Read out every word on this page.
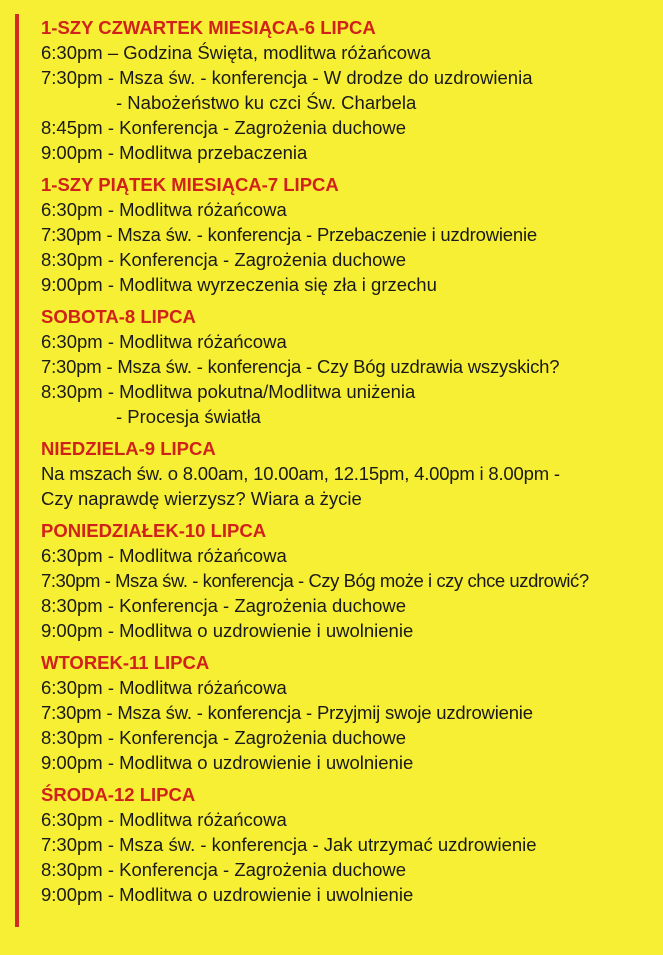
1-SZY CZWARTEK MIESIĄCA-6 LIPCA
6:30pm – Godzina Święta, modlitwa różańcowa
7:30pm - Msza św. - konferencja - W drodze do uzdrowienia
- Nabożeństwo ku czci Św. Charbela
8:45pm - Konferencja - Zagrożenia duchowe
9:00pm - Modlitwa przebaczenia
1-SZY PIĄTEK MIESIĄCA-7 LIPCA
6:30pm - Modlitwa różańcowa
7:30pm - Msza św. - konferencja - Przebaczenie i uzdrowienie
8:30pm - Konferencja - Zagrożenia duchowe
9:00pm - Modlitwa wyrzeczenia się zła i grzechu
SOBOTA-8 LIPCA
6:30pm - Modlitwa różańcowa
7:30pm - Msza św. - konferencja - Czy Bóg uzdrawia wszyskich?
8:30pm - Modlitwa pokutna/Modlitwa uniżenia
- Procesja światła
NIEDZIELA-9 LIPCA
Na mszach św. o 8.00am, 10.00am, 12.15pm, 4.00pm i 8.00pm -
Czy naprawdę wierzysz? Wiara a życie
PONIEDZIAŁEK-10 LIPCA
6:30pm - Modlitwa różańcowa
7:30pm - Msza św. - konferencja - Czy Bóg może i czy chce uzdrowić?
8:30pm - Konferencja - Zagrożenia duchowe
9:00pm - Modlitwa o uzdrowienie i uwolnienie
WTOREK-11 LIPCA
6:30pm - Modlitwa różańcowa
7:30pm - Msza św. - konferencja - Przyjmij swoje uzdrowienie
8:30pm - Konferencja - Zagrożenia duchowe
9:00pm - Modlitwa o uzdrowienie i uwolnienie
ŚRODA-12 LIPCA
6:30pm - Modlitwa różańcowa
7:30pm - Msza św. - konferencja - Jak utrzymać uzdrowienie
8:30pm - Konferencja - Zagrożenia duchowe
9:00pm - Modlitwa o uzdrowienie i uwolnienie
